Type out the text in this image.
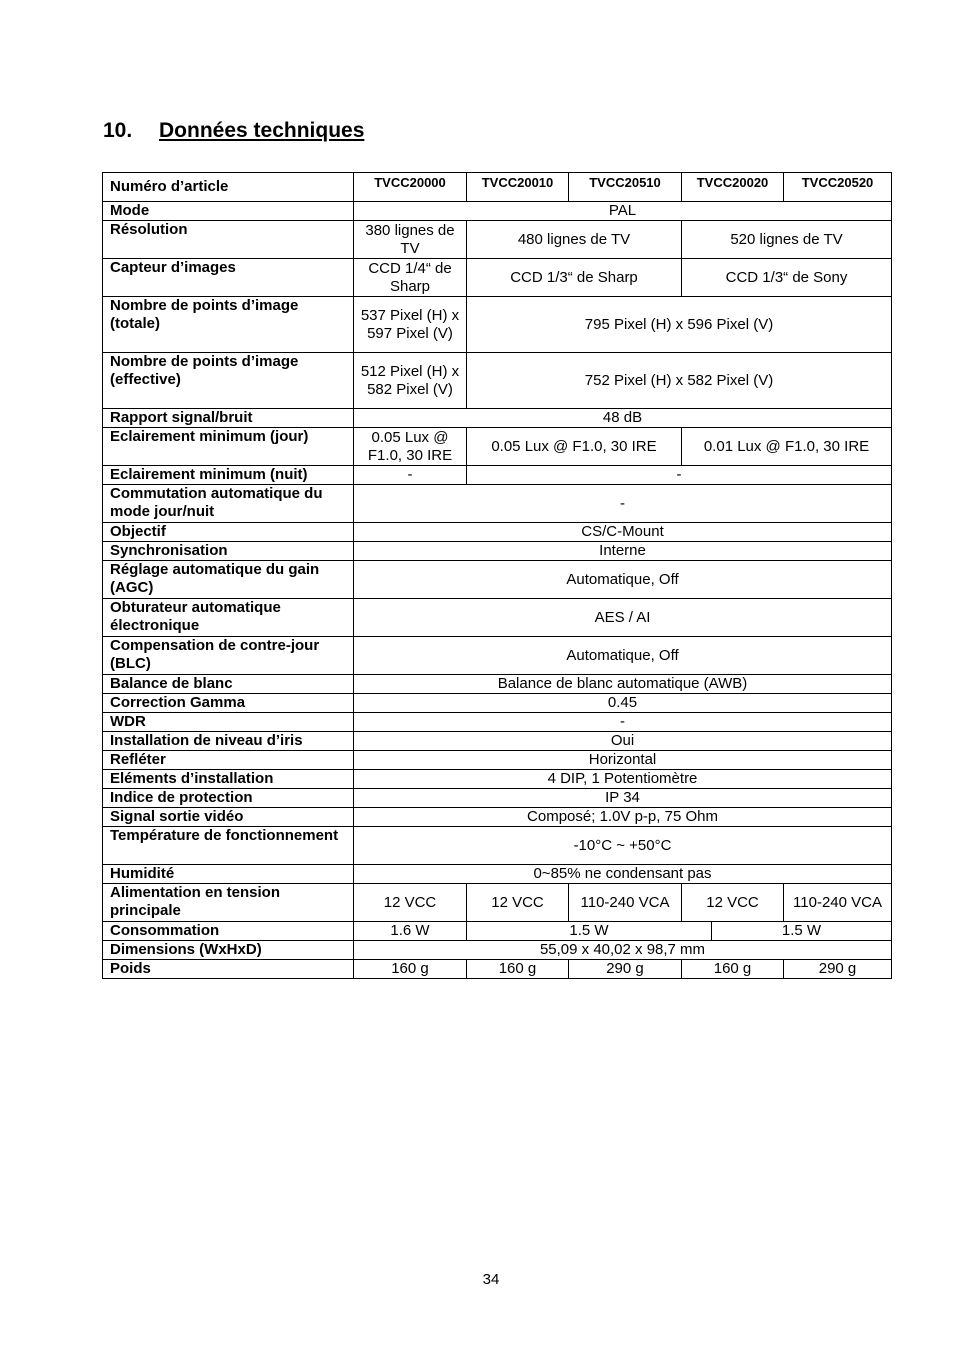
10. Données techniques
Numéro d’article	TVCC20000	TVCC20010	TVCC20510	TVCC20020		TVCC20520
Mode	PAL					
Résolution	380 lignes de TV	480 lignes de TV		520 lignes de TV		
Capteur d’images	CCD 1/4“ de Sharp	CCD 1/3“ de Sharp		CCD 1/3“ de Sony		
Nombre de points d’image (totale)	537 Pixel (H) x 597 Pixel (V)	795 Pixel (H) x 596 Pixel (V)				
Nombre de points d’image (effective)	512 Pixel (H) x 582 Pixel (V)	752 Pixel (H) x 582 Pixel (V)				
Rapport signal/bruit	48 dB					
Eclairement minimum (jour)	0.05 Lux @ F1.0, 30 IRE	0.05 Lux @ F1.0, 30 IRE		0.01 Lux @ F1.0, 30 IRE		
Eclairement minimum (nuit)	-	-				
Commutation automatique du mode jour/nuit	-					
Objectif	CS/C-Mount					
Synchronisation	Interne					
Réglage automatique du gain (AGC)	Automatique, Off					
Obturateur automatique électronique	AES / AI					
Compensation de contre-jour (BLC)	Automatique, Off					
Balance de blanc	Balance de blanc automatique (AWB)					
Correction Gamma	0.45					
WDR	-					
Installation de niveau d’iris	Oui					
Refléter	Horizontal					
Eléments d’installation	4 DIP, 1 Potentiomètre					
Indice de protection	IP 34					
Signal sortie vidéo	Composé; 1.0V p-p, 75 Ohm					
Température de fonctionnement	-10°C ~ +50°C					
Humidité	0~85% ne condensant pas					
Alimentation en tension principale	12 VCC	12 VCC	110-240 VCA	12 VCC		110-240 VCA
Consommation	1.6 W	1.5 W			1.5 W	
Dimensions (WxHxD)	55,09 x 40,02 x 98,7 mm					
Poids	160 g	160 g	290 g	160 g		290 g
34
